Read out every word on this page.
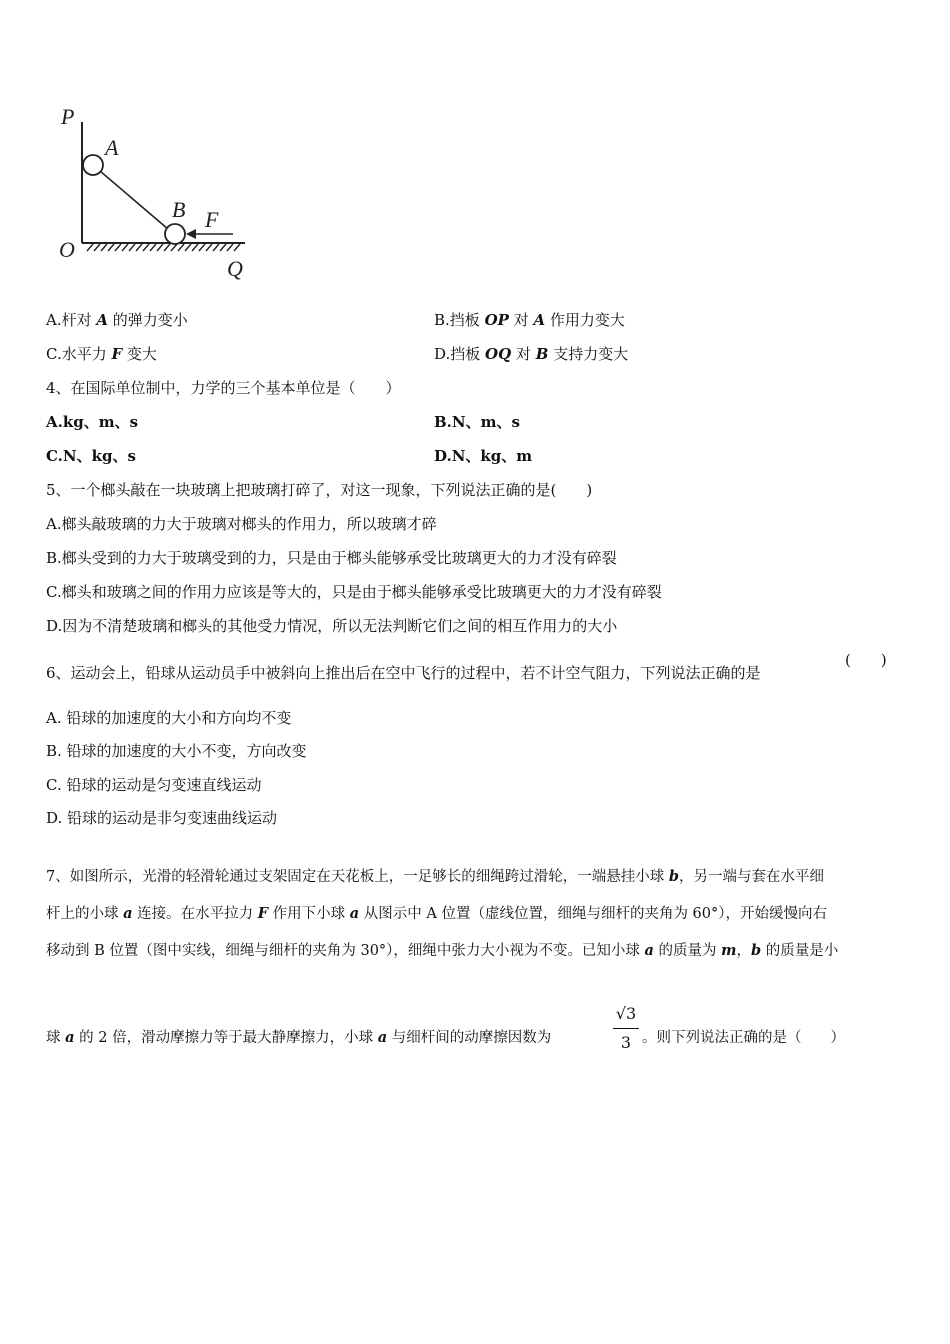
P
A
B F
O
Q
A.杆对 A 的弹力变小	B.挡板 OP 对 A 作用力变大
C.水平力 F 变大	D.挡板 OQ 对 B 支持力变大
4、在国际单位制中，力学的三个基本单位是（　　）
A.kg、m、s	B.N、m、s
C.N、kg、s	D.N、kg、m
5、一个榔头敲在一块玻璃上把玻璃打碎了，对这一现象，下列说法正确的是(　　)
A.榔头敲玻璃的力大于玻璃对榔头的作用力，所以玻璃才碎
B.榔头受到的力大于玻璃受到的力，只是由于榔头能够承受比玻璃更大的力才没有碎裂
C.榔头和玻璃之间的作用力应该是等大的，只是由于榔头能够承受比玻璃更大的力才没有碎裂
D.因为不清楚玻璃和榔头的其他受力情况，所以无法判断它们之间的相互作用力的大小
6、运动会上，铅球从运动员手中被斜向上推出后在空中飞行的过程中，若不计空气阻力，下列说法正确的是
(　　)
A. 铅球的加速度的大小和方向均不变
B. 铅球的加速度的大小不变，方向改变
C. 铅球的运动是匀变速直线运动
D. 铅球的运动是非匀变速曲线运动
7、如图所示，光滑的轻滑轮通过支架固定在天花板上，一足够长的细绳跨过滑轮，一端悬挂小球 b，另一端与套在水平细
杆上的小球 a 连接。在水平拉力 F 作用下小球 a 从图示中 A 位置（虚线位置，细绳与细杆的夹角为 60°），开始缓慢向右
移动到 B 位置（图中实线，细绳与细杆的夹角为 30°），细绳中张力大小视为不变。已知小球 a 的质量为 m，b 的质量是小
球 a 的 2 倍，滑动摩擦力等于最大静摩擦力，小球 a 与细杆间的动摩擦因数为
√3
3 。则下列说法正确的是（　　）
